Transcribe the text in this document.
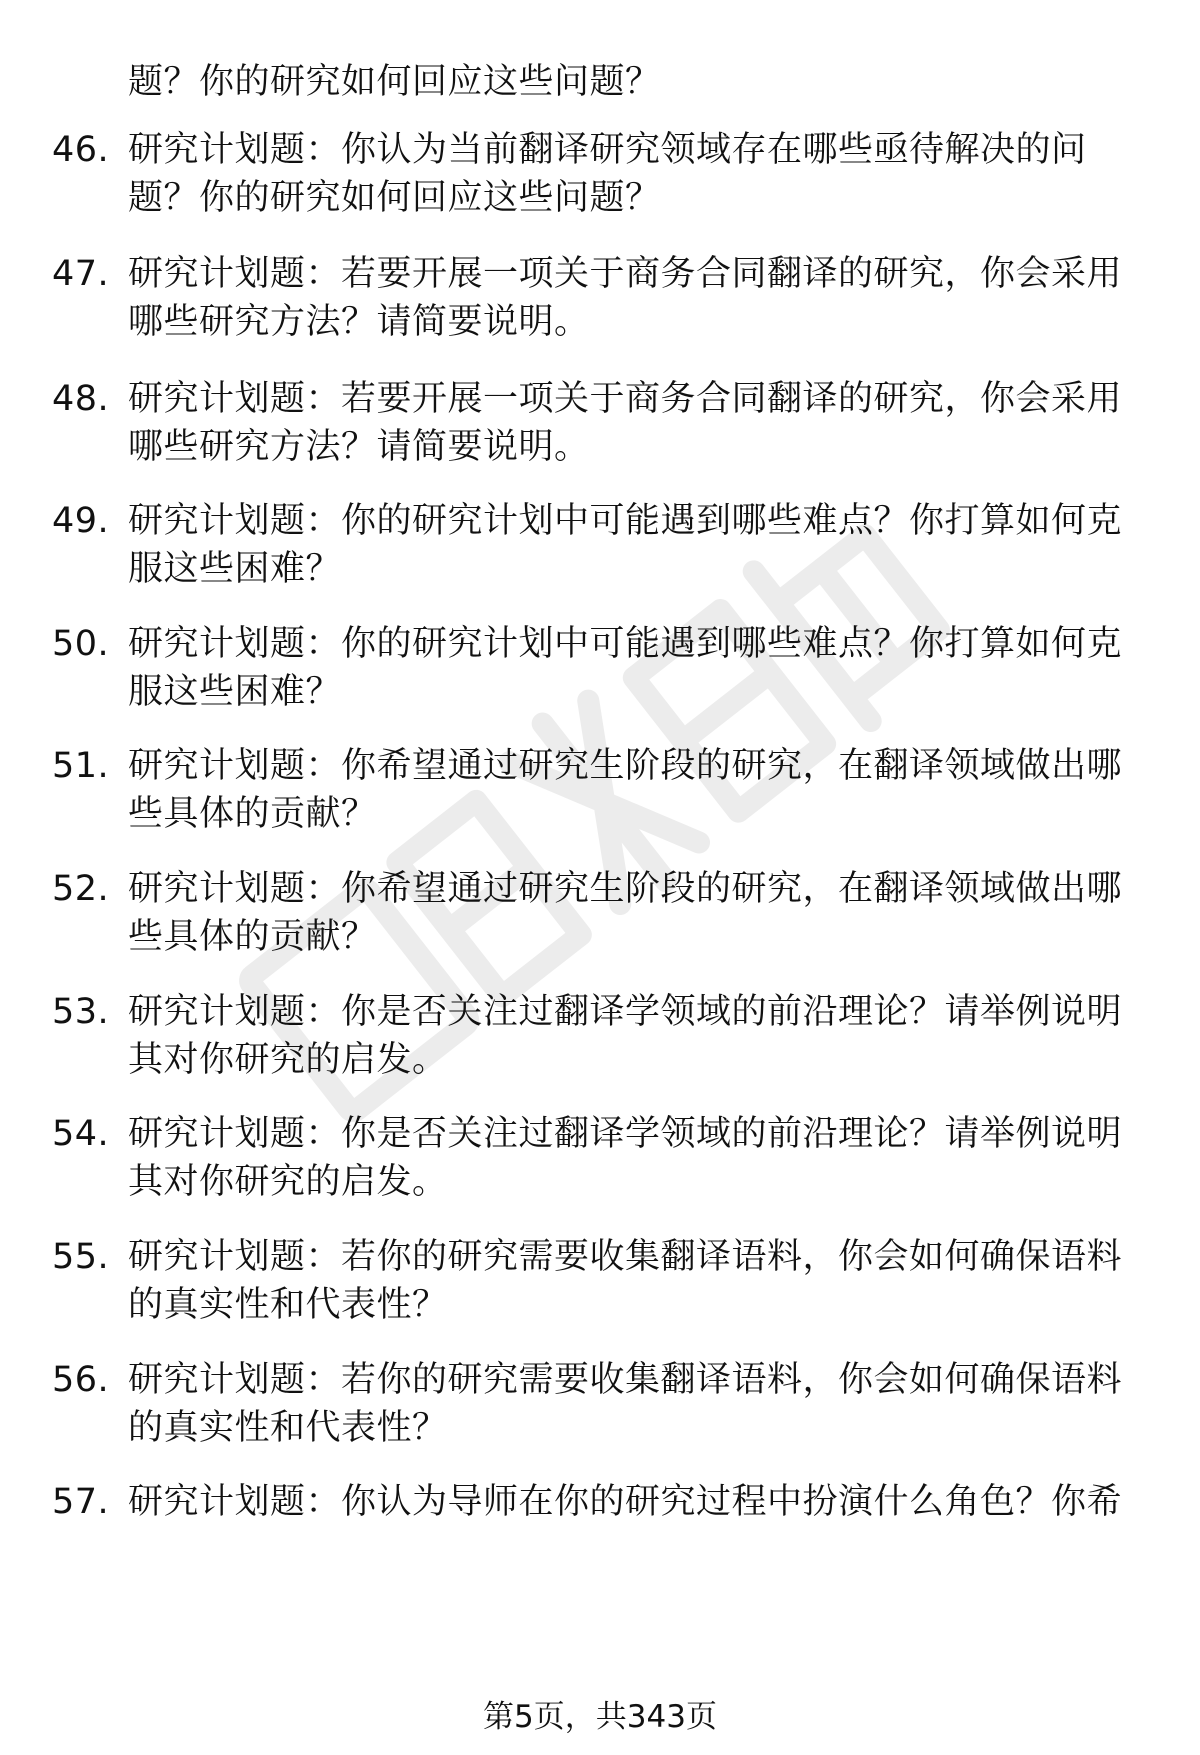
题？你的研究如何回应这些问题？
46. 研究计划题：你认为当前翻译研究领域存在哪些亟待解决的问
题？你的研究如何回应这些问题？
47. 研究计划题：若要开展一项关于商务合同翻译的研究，你会采用
哪些研究方法？请简要说明。
48. 研究计划题：若要开展一项关于商务合同翻译的研究，你会采用
哪些研究方法？请简要说明。
49. 研究计划题：你的研究计划中可能遇到哪些难点？你打算如何克
服这些困难？
50. 研究计划题：你的研究计划中可能遇到哪些难点？你打算如何克
服这些困难？
51. 研究计划题：你希望通过研究生阶段的研究，在翻译领域做出哪
些具体的贡献？
52. 研究计划题：你希望通过研究生阶段的研究，在翻译领域做出哪
些具体的贡献？
53. 研究计划题：你是否关注过翻译学领域的前沿理论？请举例说明
其对你研究的启发。
54. 研究计划题：你是否关注过翻译学领域的前沿理论？请举例说明
其对你研究的启发。
55. 研究计划题：若你的研究需要收集翻译语料，你会如何确保语料
的真实性和代表性？
56. 研究计划题：若你的研究需要收集翻译语料，你会如何确保语料
的真实性和代表性？
57. 研究计划题：你认为导师在你的研究过程中扮演什么角色？你希
第5页，共343页
